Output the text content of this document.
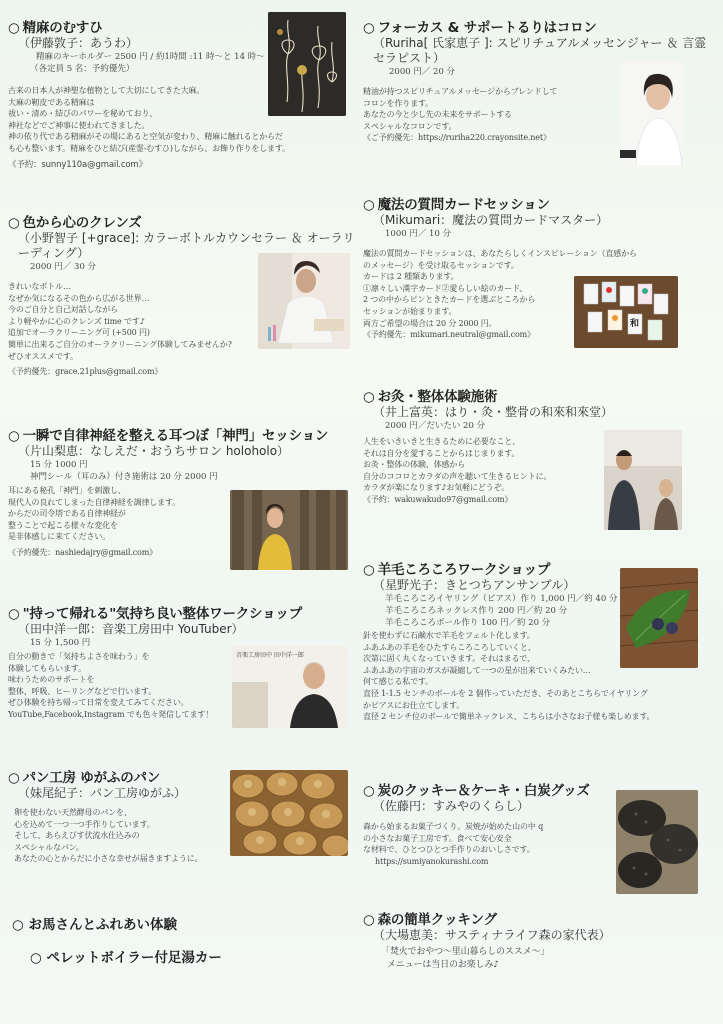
○ 精麻のむすひ
（伊藤敦子：あうわ）
精麻のキーホルダー 2500 円 / 約1時間 :11 時～と 14 時～
（各定員 5 名：予約優先）

古来の日本人が神聖な植物として大切にしてきた大麻。

大麻の靭皮である精麻は

祓い・清め・結びのパワーを秘めており、

神社などでご神事に使われてきました。

神の依り代である精麻がその場にあると空気が変わり、精麻に触れるとからだ

も心も整います。精麻をひと結び(産霊-むすひ)しながら、お飾り作りをします。

《予約：sunny110a@gmail.com》

○ 色から心のクレンズ
（小野智子 [+grace]: カラーボトルカウンセラー ＆ オーラリーディング）
2000 円／ 30 分

きれいなボトル…

なぜか気になるその色から広がる世界…

今のご自分と自己対話しながら

より軽やかに心のクレンズ time です♪

追加でオーラクリーニング可 (+500 円)

簡単に出来るご自分のオーラクリーニング体験してみませんか?

ぜひオススメです。

《予約優先：grace.21plus@gmail.com》

○ 一瞬で自律神経を整える耳つぼ「神門」セッション
（片山梨恵：なしえだ・おうちサロン holoholo）
15 分 1000 円
神門シール（耳のみ）付き施術は 20 分 2000 円

耳にある秘孔「神門」を刺激し、

現代人の良れてしまった自律神経を調律します。

からだの司令塔である自律神経が

整うことで起こる様々な変化を

是非体感しに来てください。

《予約優先：nashiedajry@gmail.com》

○ "持って帰れる"気持ち良い整体ワークショップ
（田中洋一郎：音楽工房田中 YouTuber）
15 分 1,500 円

自分の動きで「気持ちよさを味わう」を

体験してもらいます。

味わうためのサポートを

整体、呼吸、ヒーリングなどで行います。

ぜひ体験を持ち帰って日常を変えてみてください。

YouTube,Facebook,Instagram でも色々発信してます！

○ パン工房 ゆがふのパン
（妹尾紀子：パン工房ゆがふ）

卵を使わない天然酵母のパンを、

心を込めて一つ一つ手作りしています。

そして、あらえびす伏流水仕込みの

スペシャルなパン。

あなたの心とからだに小さな幸せが届きますように。

○ お馬さんとふれあい体験
○ ペレットボイラー付足湯カー
○ フォーカス & サポートるりはコロン
（Ruriha[ 氏家恵子 ]: スピリチュアルメッセンジャー ＆ 言霊セラピスト）
2000 円／ 20 分

精油が持つスピリチュアルメッセージからブレンドして

コロンを作ります。

あなたの今と少し先の未来をサポートする

スペシャルなコロンです。

《ご予約優先：https://ruriha220.crayonsite.net》

○ 魔法の質問カードセッション
（Mikumari：魔法の質問カードマスター）
1000 円／ 10 分

魔法の質問カードセッションは、あなたらしくインスピレーション（直感から

のメッセージ）を受け取るセッションです。

カードは 2 種類あります。

①凛々しい漢字カード②愛らしい絵のカード、

2 つの中からピンときたカードを選ぶところから

セッションが始まります。

両方ご希望の場合は 20 分 2000 円。

《予約優先：mikumari.neutral@gmail.com》

○ お灸・整体体験施術
（井上富英：はり・灸・整骨の和來和來堂）
2000 円／だいたい 20 分

人生をいきいきと生きるために必要なこと、

それは自分を愛することからはじまります。

お灸・整体の体験、体感から

自分のココロとカラダの声を聴いて生きるヒントに。

カラダが楽になります♪お気軽にどうぞ。

《予約：wakuwakudo97@gmail.com》

○ 羊毛ころころワークショップ
（星野光子：きとつちアンサンブル）
羊毛ころころイヤリング（ピアス）作り 1,000 円／約 40 分
羊毛ころころネックレス作り 200 円／約 20 分
羊毛ころころボール作り 100 円／約 20 分

針を使わずに石鹸水で羊毛をフェルト化します。

ふあふあの羊毛をひたすらころころしていくと、

次第に固く丸くなっていきます。それはまるで、

ふあふあの宇宙のガスが凝縮して一つの星が出来ていくみたい…

何て感じる私です。

直径 1-1.5 センチのボールを 2 個作っていただき、そのあとこちらでイヤリング

かピアスにお仕立てします。

直径 2 センチ位のボールで簡単ネックレス、こちらは小さなお子様も楽しめます。

○ 炭のクッキー＆ケーキ・白炭グッズ
（佐藤円：すみやのくらし）

森から始まるお菓子づくり。炭焼が始めた山の中 q

の小さなお菓子工房です。食べて安心安全

な材料で、ひとつひとつ手作りのおいしさです。

https://sumiyanokurashi.com

○ 森の簡単クッキング
（大場恵美：サスティナライフ森の家代表）

「焚火でおやつ～里山暮らしのススメ～」

メニューは当日のお楽しみ♪

音楽工房田中 田中洋一郎
和
